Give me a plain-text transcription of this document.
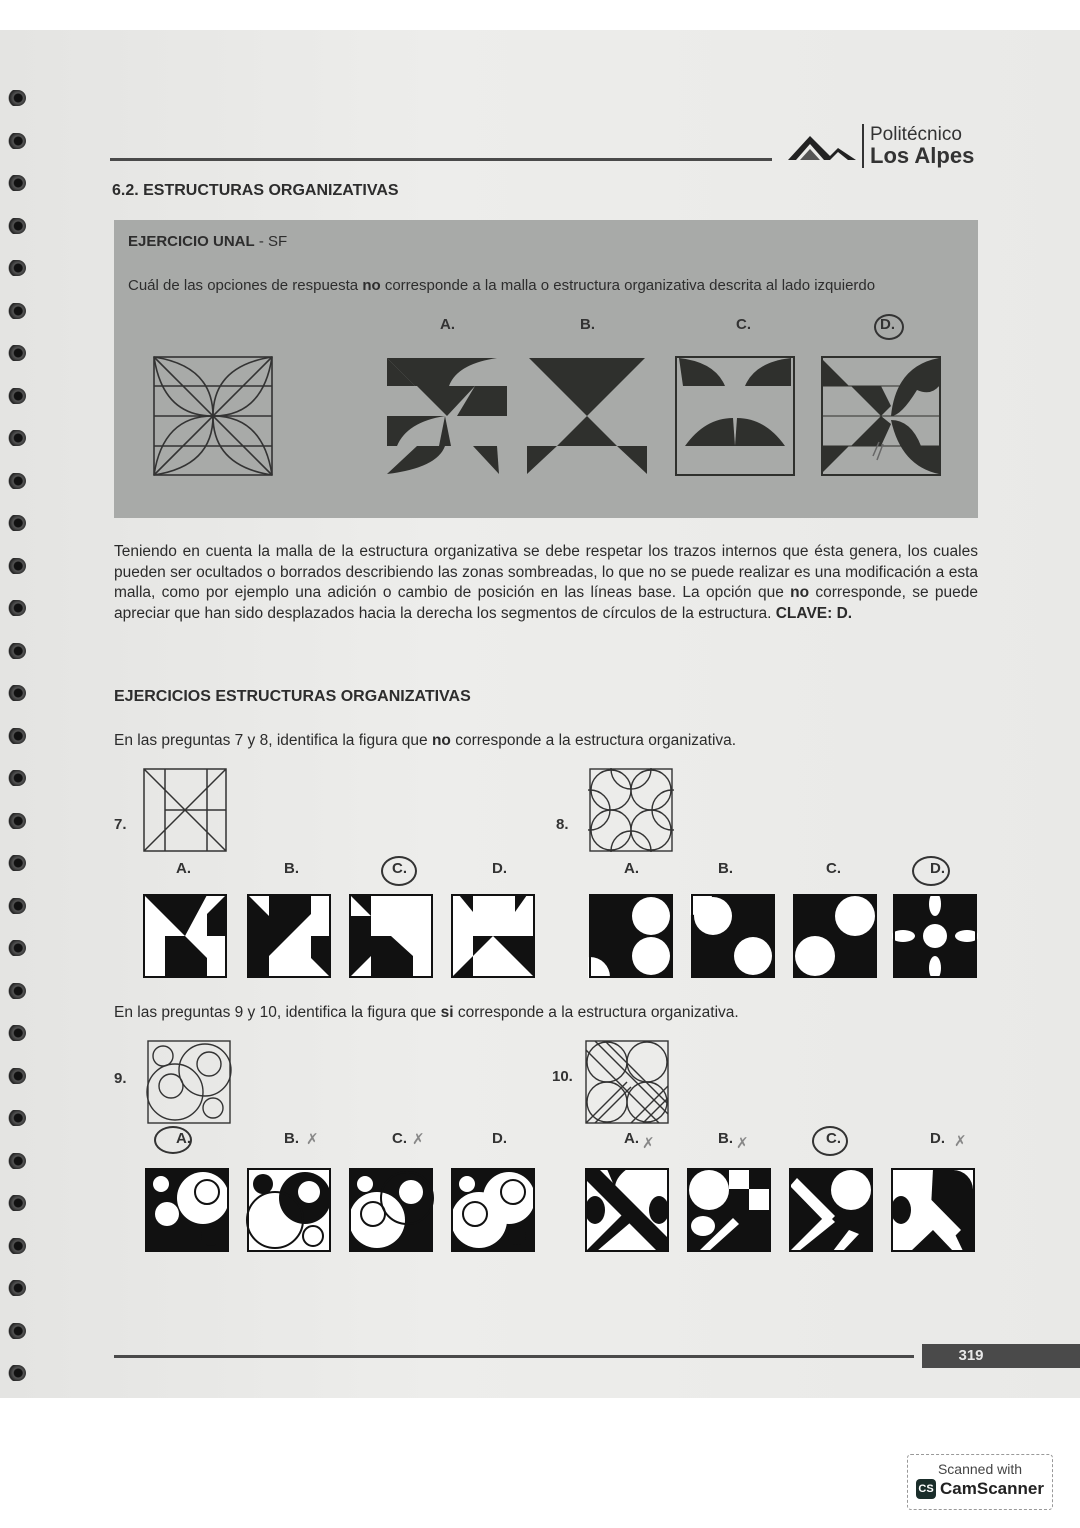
Politécnico
Los Alpes
6.2. ESTRUCTURAS ORGANIZATIVAS
EJERCICIO UNAL - SF
Cuál de las opciones de respuesta no corresponde a la malla o estructura organizativa descrita al lado izquierdo
A.	B.	C.	D.
Teniendo en cuenta la malla de la estructura organizativa se debe respetar los trazos internos que ésta genera, los cuales pueden ser ocultados o borrados describiendo las zonas sombreadas, lo que no se puede realizar es una modificación a esta malla, como por ejemplo una adición o cambio de posición en las líneas base. La opción que no corresponde, se puede apreciar que han sido desplazados hacia la derecha los segmentos de círculos de la estructura. CLAVE: D.
EJERCICIOS ESTRUCTURAS ORGANIZATIVAS
En las preguntas 7 y 8, identifica la figura que no corresponde a la estructura organizativa.
7.
A.	B.	C.	D.
8.
A.	B.	C.	D.
En las preguntas 9 y 10, identifica la figura que si corresponde a la estructura organizativa.
9.
A.	B. ✗	C. ✗	D.
10.
A. ✗	B. ✗	C.	D. ✗
319
Scanned with
CS CamScanner
